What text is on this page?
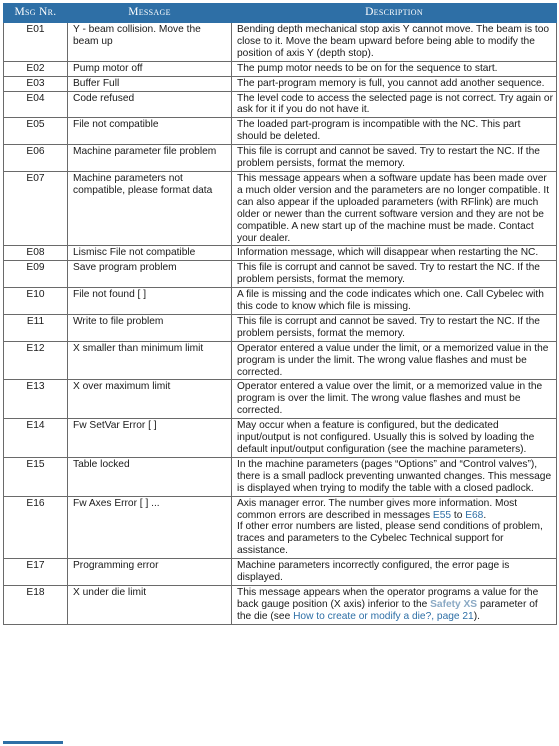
Msg Nr.	Message	Description
E01	Y - beam collision. Move the beam up	Bending depth mechanical stop axis Y cannot move. The beam is too close to it. Move the beam upward before being able to modify the position of axis Y (depth stop).
E02	Pump motor off	The pump motor needs to be on for the sequence to start.
E03	Buffer Full	The part-program memory is full, you cannot add another sequence.
E04	Code refused	The level code to access the selected page is not correct. Try again or ask for it if you do not have it.
E05	File not compatible	The loaded part-program is incompatible with the NC. This part should be deleted.
E06	Machine parameter file problem	This file is corrupt and cannot be saved. Try to restart the NC. If the problem persists, format the memory.
E07	Machine parameters not compatible, please format data	This message appears when a software update has been made over a much older version and the parameters are no longer compatible. It can also appear if the uploaded parameters (with RFlink) are much older or newer than the current software version and they are not be compatible. A new start up of the machine must be made. Contact your dealer.
E08	Lismisc File not compatible	Information message, which will disappear when restarting the NC.
E09	Save program problem	This file is corrupt and cannot be saved. Try to restart the NC. If the problem persists, format the memory.
E10	File not found [ ]	A file is missing and the code indicates which one. Call Cybelec with this code to know which file is missing.
E11	Write to file problem	This file is corrupt and cannot be saved. Try to restart the NC. If the problem persists, format the memory.
E12	X smaller than minimum limit	Operator entered a value under the limit, or a memorized value in the program is under the limit. The wrong value flashes and must be corrected.
E13	X over maximum limit	Operator entered a value over the limit, or a memorized value in the program is over the limit. The wrong value flashes and must be corrected.
E14	Fw SetVar Error [ ]	May occur when a feature is configured, but the dedicated input/output is not configured. Usually this is solved by loading the default input/output configuration (see the machine parameters).
E15	Table locked	In the machine parameters (pages “Options” and “Control valves”), there is a small padlock preventing unwanted changes. This message is displayed when trying to modify the table with a closed padlock.
E16	Fw Axes Error [ ] ...	Axis manager error. The number gives more information. Most common errors are described in messages E55 to E68.
If other error numbers are listed, please send conditions of problem, traces and parameters to the Cybelec Technical support for assistance.
E17	Programming error	Machine parameters incorrectly configured, the error page is displayed.
E18	X under die limit	This message appears when the operator programs a value for the back gauge position (X axis) inferior to the Safety XS parameter of the die (see How to create or modify a die?, page 21).
